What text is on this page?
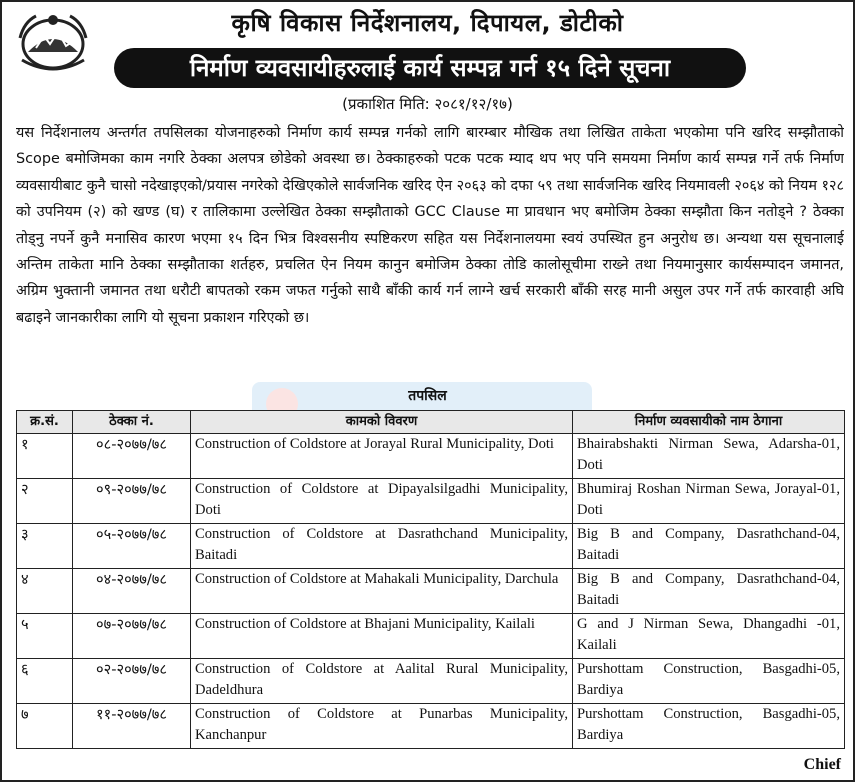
कृषि विकास निर्देशनालय, दिपायल, डोटीको
निर्माण व्यवसायीहरुलाई कार्य सम्पन्न गर्न १५ दिने सूचना
(प्रकाशित मिति: २०८१/१२/१७)

यस निर्देशनालय अन्तर्गत तपसिलका योजनाहरुको निर्माण कार्य सम्पन्न गर्नको लागि बारम्बार मौखिक तथा लिखित ताकेता भएकोमा पनि खरिद सम्झौताको Scope बमोजिमका काम नगरि ठेक्का अलपत्र छोडेको अवस्था छ। ठेक्काहरुको पटक पटक म्याद थप भए पनि समयमा निर्माण कार्य सम्पन्न गर्ने तर्फ निर्माण व्यवसायीबाट कुनै चासो नदेखाइएको/प्रयास नगरेको देखिएकोले सार्वजनिक खरिद ऐन २०६३ को दफा ५९ तथा सार्वजनिक खरिद नियमावली २०६४ को नियम १२८ को उपनियम (२) को खण्ड (घ) र तालिकामा उल्लेखित ठेक्का सम्झौताको GCC Clause मा प्रावधान भए बमोजिम ठेक्का सम्झौता किन नतोड्ने ? ठेक्का तोड्नु नपर्ने कुनै मनासिव कारण भएमा १५ दिन भित्र विश्वसनीय स्पष्टिकरण सहित यस निर्देशनालयमा स्वयं उपस्थित हुन अनुरोध छ। अन्यथा यस सूचनालाई अन्तिम ताकेता मानि ठेक्का सम्झौताका शर्तहरु, प्रचलित ऐन नियम कानुन बमोजिम ठेक्का तोडि कालोसूचीमा राख्ने तथा नियमानुसार कार्यसम्पादन जमानत, अग्रिम भुक्तानी जमानत तथा धरौटी बापतको रकम जफत गर्नुको साथै बाँकी कार्य गर्न लाग्ने खर्च सरकारी बाँकी सरह मानी असुल उपर गर्ने तर्फ कारवाही अघि बढाइने जानकारीका लागि यो सूचना प्रकाशन गरिएको छ।

तपसिल
क्र.सं.	ठेक्का नं.	कामको विवरण	निर्माण व्यवसायीको नाम ठेगाना
१	०८-२०७७/७८	Construction of Coldstore at Jorayal Rural Municipality, Doti	Bhairabshakti Nirman Sewa, Adarsha-01, Doti
२	०९-२०७७/७८	Construction of Coldstore at Dipayalsilgadhi Municipality, Doti	Bhumiraj Roshan Nirman Sewa, Jorayal-01, Doti
३	०५-२०७७/७८	Construction of Coldstore at Dasrathchand Municipality, Baitadi	Big B and Company, Dasrathchand-04, Baitadi
४	०४-२०७७/७८	Construction of Coldstore at Mahakali Municipality, Darchula	Big B and Company, Dasrathchand-04, Baitadi
५	०७-२०७७/७८	Construction of Coldstore at Bhajani Municipality, Kailali	G and J Nirman Sewa, Dhangadhi -01, Kailali
६	०२-२०७७/७८	Construction of Coldstore at Aalital Rural Municipality, Dadeldhura	Purshottam Construction, Basgadhi-05, Bardiya
७	११-२०७७/७८	Construction of Coldstore at Punarbas Municipality, Kanchanpur	Purshottam Construction, Basgadhi-05, Bardiya
Chief
